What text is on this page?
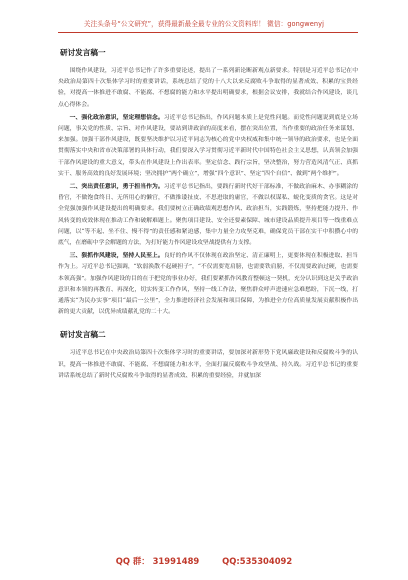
关注头条号“公文研究”，获得最新最全最专业的公文资料库！ 微信：gongwenyj
研讨发言稿一

围绕作风建设，习近平总书记作了许多重要论述，提出了一系列新论断新观点新要求。特别是习近平总书记在中央政治局第四十次集体学习时的重要讲话，系统总结了党的十八大以来反腐败斗争取得的显著成效、积累的宝贵经验，对提高一体推进不敢腐、不能腐、不想腐的能力和水平提出明确要求，根据会议安排，我就结合作风建设，谈几点心得体会。

一、强化政治意识，坚定理想信念。习近平总书记指出，作风问题本质上是党性问题。而党性问题说到底是立场问题，事关党的性质、宗旨、对作风建设，要站到讲政治的高度来看，摆在突出位置，当作重要的政治任务来谋划、来加强。加强干部作风建设，既要坚决维护以习近平同志为核心的党中央权威和集中统一领导的政治要求，也是全面贯彻落实中央和省市决策部署的具体行动，我们要深入学习贯彻习近平新时代中国特色社会主义思想，认真领会加强干部作风建设的重大意义，带头在作风建设上作出表率。坚定信念、践行宗旨，坚决整治，努力营造风清气正、真抓实干、服务高效的良好发展环境；坚决拥护“两个确立”，增强“四个意识”、坚定“四个自信”、做到“两个维护”。

二、突出责任意识，勇于担当作为。习近平总书记指出，要践行新时代好干部标准，不做政治麻木、办事糊涂的昏官，不做饱食终日、无所用心的懒官，不做推诿扯皮、不思进取的庸官，不做以权谋私、蜕化变质的贪官。这是对全党强加强作风建设提出的明确要求。我们要树立正确政绩观思想作风、政治担当，实践锻炼，坚持把能力提升、作风转变的成效体现在推动工作和破解难题上。聚焦项目建设、安全还要素保障、城市建设品质提升项目等一线重难点问题，以“等不起、坐不住、慢不得”的责任感和紧迫感，集中力量全力攻坚克难，确保党员干部在实干中积攒心中的底气，在磨砺中学会解题的方法，为打好能力作风建设攻坚战提供有力支撑。

三、狠抓作风建设，坚持人民至上。良好的作风不仅体现在政治坚定、清正廉明上，更要体现在积极进取、担当作为上。习近平总书记强调，“软弱涣散不起硬担子”，“不仅需要宽肩膀，也需要铁肩膀，不仅需要政治过硬，也需要本领高强”。加强作风建设的目的在于把党的事业办好，我们要紧抓作风教育整顿这一契机，充分认识到这是关乎政治意识和本领的再教育、再深化，切实转变工作作风，坚持一线工作法，聚焦群众呼声进速应急难愁盼，下沉一线，打通落实“为民办实事”项目“最后一公里”，全力推进经济社会发展和项目保障，为推进全方位高质量发展贡献积极作出新的更大贡献，以优异成绩献礼党的二十大。

研讨发言稿二

习近平总书记在中央政治局第四十次集体学习时的重要讲话，要加深对新形势下党风廉政建设和反腐败斗争的认识，提高一体推进不敢腐、不能腐、不想腐能力和水平，全面打赢反腐败斗争攻坚战、持久战。习近平总书记的重要讲话系统总结了新时代反腐败斗争取得的显著成效、积累的重要经验，并就加深

QQ 群： 31991489	QQ:535304092
